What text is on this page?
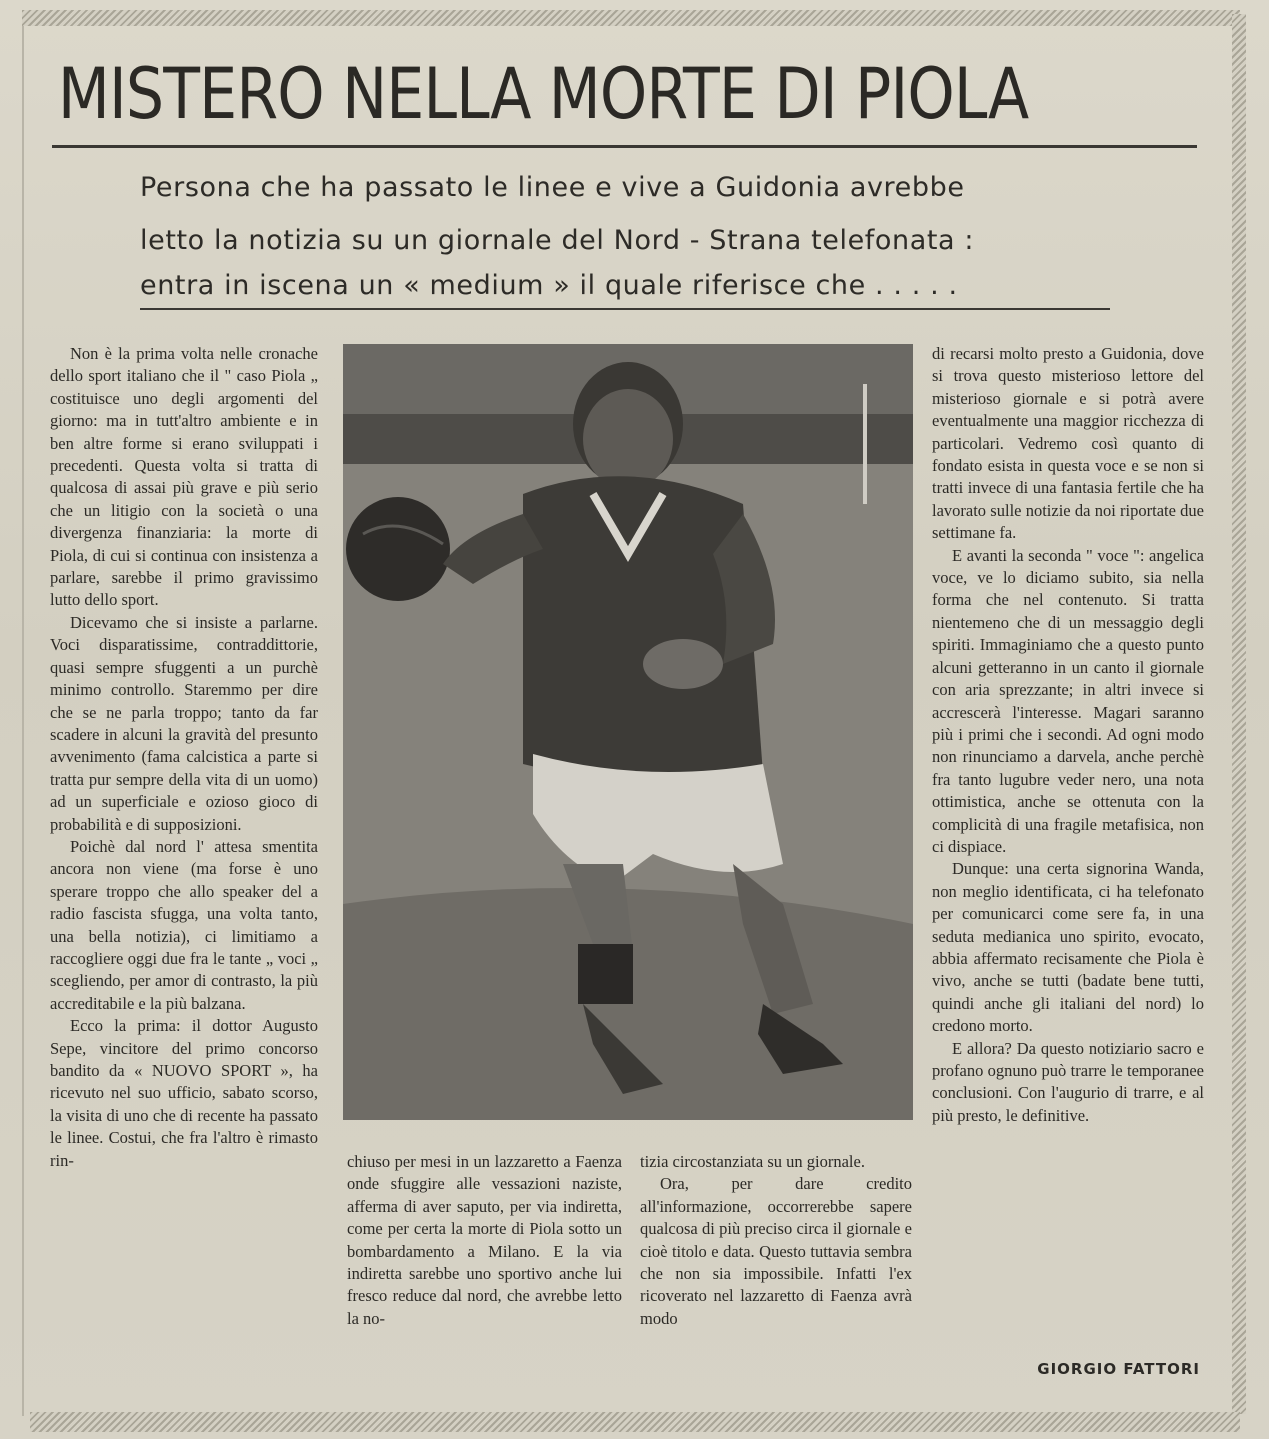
MISTERO NELLA MORTE DI PIOLA
Persona che ha passato le linee e vive a Guidonia avrebbe
letto la notizia su un giornale del Nord - Strana telefonata :
entra in iscena un « medium » il quale riferisce che . . . . .

Non è la prima volta nelle cronache dello sport italiano che il " caso Piola „ costituisce uno degli argomenti del giorno: ma in tutt'altro ambiente e in ben altre forme si erano sviluppati i precedenti. Questa volta si tratta di qualcosa di assai più grave e più serio che un litigio con la società o una divergenza finanziaria: la morte di Piola, di cui si continua con insistenza a parlare, sarebbe il primo gravissimo lutto dello sport.

Dicevamo che si insiste a parlarne. Voci disparatissime, contraddittorie, quasi sempre sfuggenti a un purchè minimo controllo. Staremmo per dire che se ne parla troppo; tanto da far scadere in alcuni la gravità del presunto avvenimento (fama calcistica a parte si tratta pur sempre della vita di un uomo) ad un superficiale e ozioso gioco di probabilità e di supposizioni.

Poichè dal nord l' attesa smentita ancora non viene (ma forse è uno sperare troppo che allo speaker del a radio fascista sfugga, una volta tanto, una bella notizia), ci limitiamo a raccogliere oggi due fra le tante „ voci „ scegliendo, per amor di contrasto, la più accreditabile e la più balzana.

Ecco la prima: il dottor Augusto Sepe, vincitore del primo concorso bandito da « NUOVO SPORT », ha ricevuto nel suo ufficio, sabato scorso, la visita di uno che di recente ha passato le linee. Costui, che fra l'altro è rimasto rin-	chiuso per mesi in un lazzaretto a Faenza onde sfuggire alle vessazioni naziste, afferma di aver saputo, per via indiretta, come per certa la morte di Piola sotto un bombardamento a Milano. E la via indiretta sarebbe uno sportivo anche lui fresco reduce dal nord, che avrebbe letto la no-

tizia circostanziata su un giornale.

Ora, per dare credito all'informazione, occorrerebbe sapere qualcosa di più preciso circa il giornale e cioè titolo e data. Questo tuttavia sembra che non sia impossibile. Infatti l'ex ricoverato nel lazzaretto di Faenza avrà modo

di recarsi molto presto a Guidonia, dove si trova questo misterioso lettore del misterioso giornale e si potrà avere eventualmente una maggior ricchezza di particolari. Vedremo così quanto di fondato esista in questa voce e se non si tratti invece di una fantasia fertile che ha lavorato sulle notizie da noi riportate due settimane fa.

E avanti la seconda " voce ": angelica voce, ve lo diciamo subito, sia nella forma che nel contenuto. Si tratta nientemeno che di un messaggio degli spiriti. Immaginiamo che a questo punto alcuni getteranno in un canto il giornale con aria sprezzante; in altri invece si accrescerà l'interesse. Magari saranno più i primi che i secondi. Ad ogni modo non rinunciamo a darvela, anche perchè fra tanto lugubre veder nero, una nota ottimistica, anche se ottenuta con la complicità di una fragile metafisica, non ci dispiace.

Dunque: una certa signorina Wanda, non meglio identificata, ci ha telefonato per comunicarci come sere fa, in una seduta medianica uno spirito, evocato, abbia affermato recisamente che Piola è vivo, anche se tutti (badate bene tutti, quindi anche gli italiani del nord) lo credono morto.

E allora? Da questo notiziario sacro e profano ognuno può trarre le temporanee conclusioni. Con l'augurio di trarre, e al più presto, le definitive.

GIORGIO FATTORI
